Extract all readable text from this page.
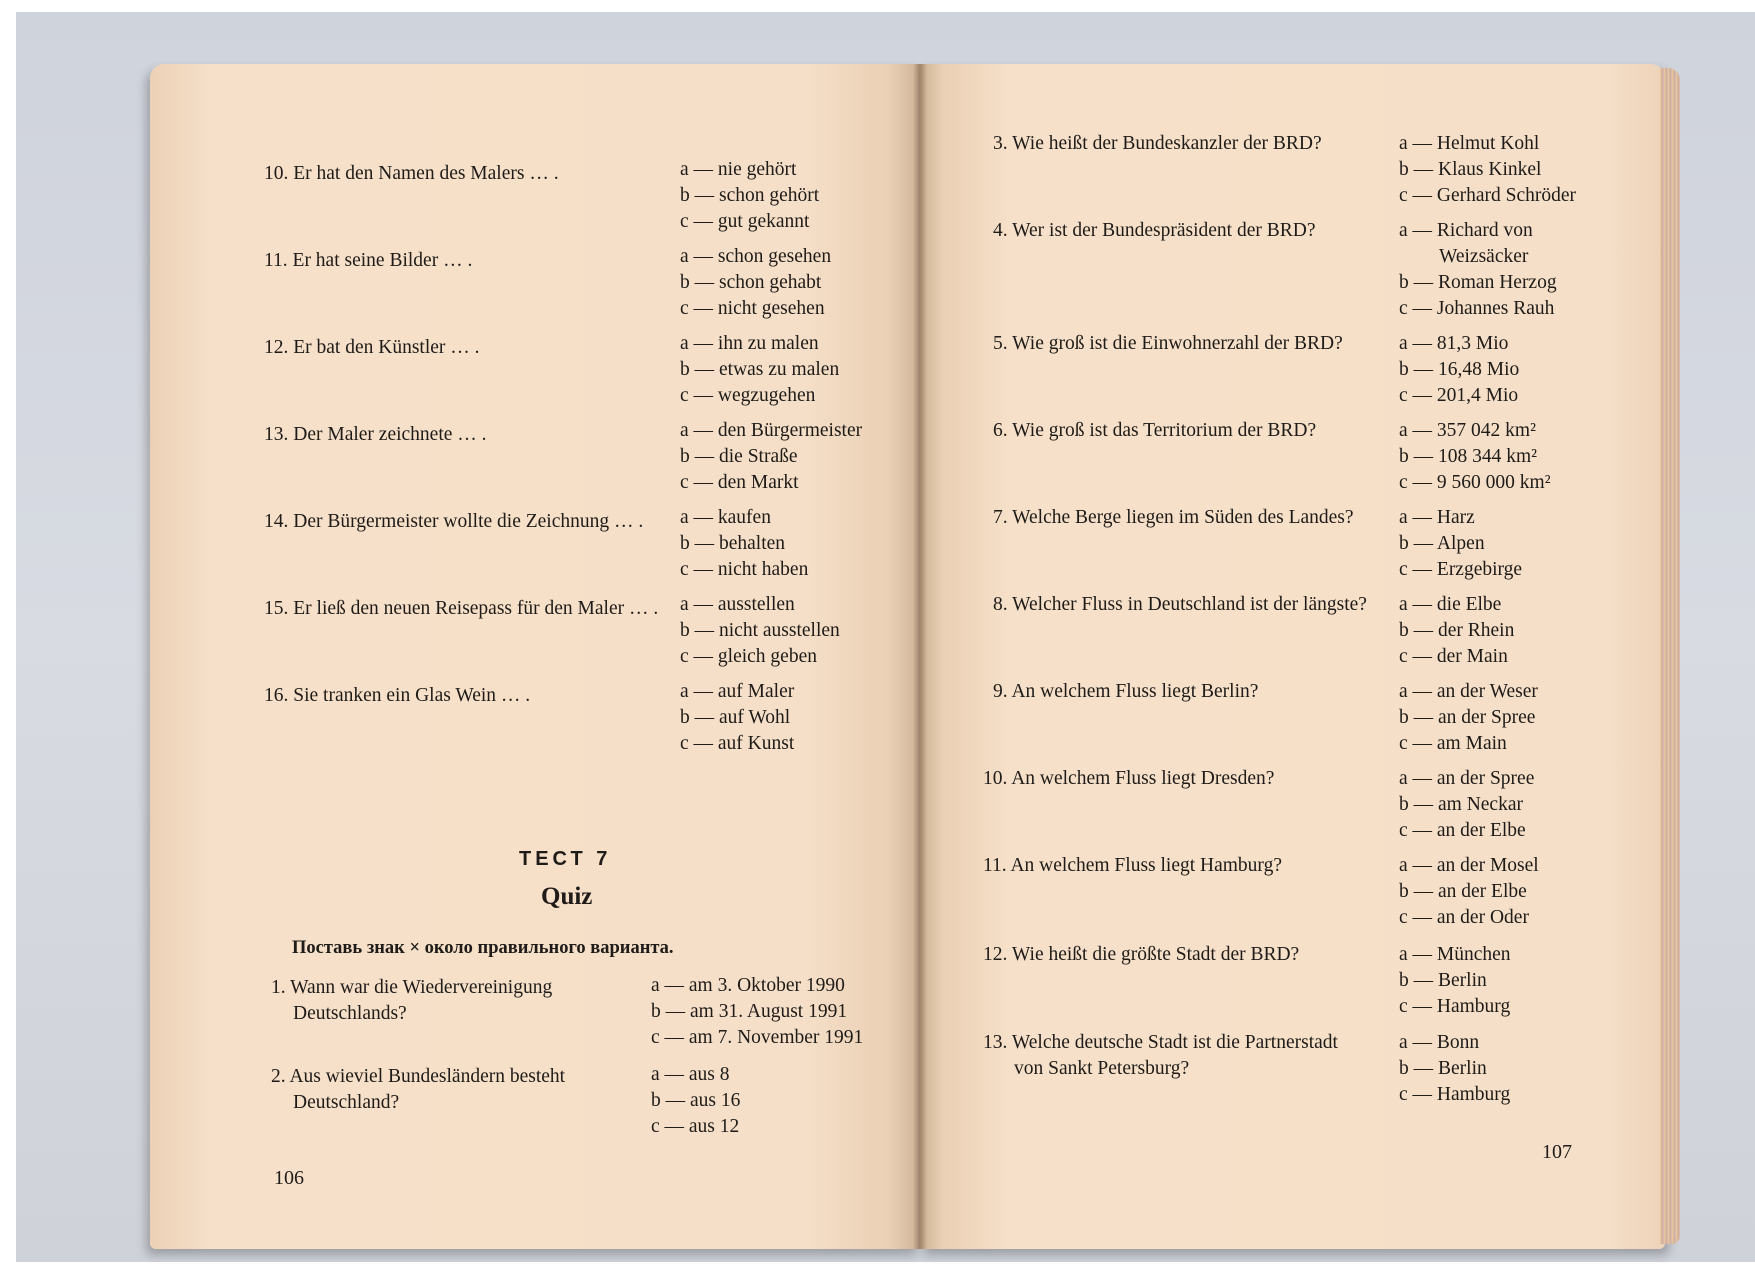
10. Er hat den Namen des Malers … .	a — nie gehört
b — schon gehört
c — gut gekannt
11. Er hat seine Bilder … .	a — schon gesehen
b — schon gehabt
c — nicht gesehen
12. Er bat den Künstler … .	a — ihn zu malen
b — etwas zu malen
c — wegzugehen
13. Der Maler zeichnete … .	a — den Bürgermeister
b — die Straße
c — den Markt
14. Der Bürgermeister wollte die Zeichnung … . a — kaufen
b — behalten
c — nicht haben
15. Er ließ den neuen Reisepass für den Maler … . a — ausstellen
b — nicht ausstellen
c — gleich geben
16. Sie tranken ein Glas Wein … .	a — auf Maler
b — auf Wohl
c — auf Kunst
ТЕСТ 7
Quiz
Поставь знак × около правильного варианта.
1. Wann war die Wiedervereinigung
Deutschlands?
a — am 3. Oktober 1990
b — am 31. August 1991
c — am 7. November 1991
2. Aus wieviel Bundesländern besteht
Deutschland?
a — aus 8
b — aus 16
c — aus 12
106
3. Wie heißt der Bundeskanzler der BRD?	a — Helmut Kohl
b — Klaus Kinkel
c — Gerhard Schröder
4. Wer ist der Bundespräsident der BRD?	a — Richard von
Weizsäcker
b — Roman Herzog
c — Johannes Rauh
5. Wie groß ist die Einwohnerzahl der BRD?	a — 81,3 Mio
b — 16,48 Mio
c — 201,4 Mio
6. Wie groß ist das Territorium der BRD?	a — 357 042 km²
b — 108 344 km²
c — 9 560 000 km²
7. Welche Berge liegen im Süden des Landes? a — Harz
b — Alpen
c — Erzgebirge
8. Welcher Fluss in Deutschland ist der längste? a — die Elbe
b — der Rhein
c — der Main
9. An welchem Fluss liegt Berlin?	a — an der Weser
b — an der Spree
c — am Main
10. An welchem Fluss liegt Dresden?	a — an der Spree
b — am Neckar
c — an der Elbe
11. An welchem Fluss liegt Hamburg?	a — an der Mosel
b — an der Elbe
c — an der Oder
12. Wie heißt die größte Stadt der BRD?	a — München
b — Berlin
c — Hamburg
13. Welche deutsche Stadt ist die Partnerstadt
von Sankt Petersburg?
a — Bonn
b — Berlin
c — Hamburg
107
